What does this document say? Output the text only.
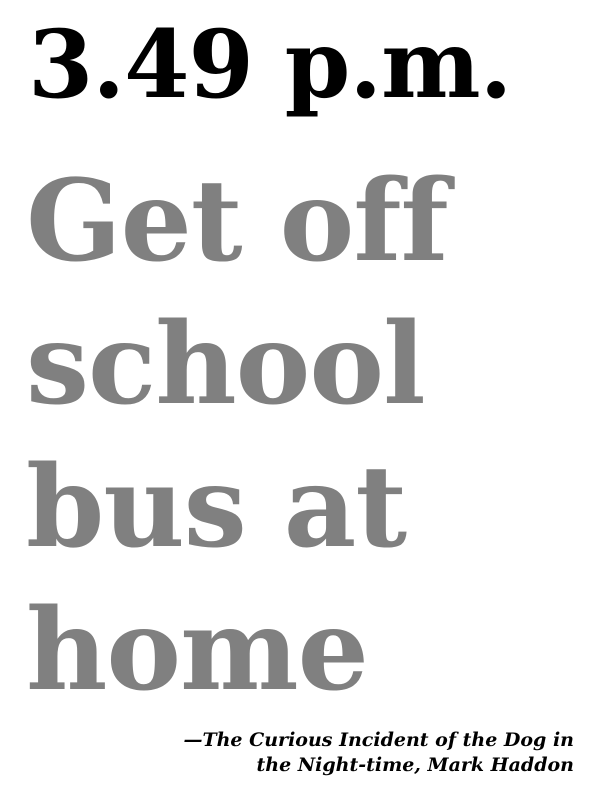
3.49 p.m.

Get off
school
bus at
home

—The Curious Incident of the Dog in
the Night-time, Mark Haddon
